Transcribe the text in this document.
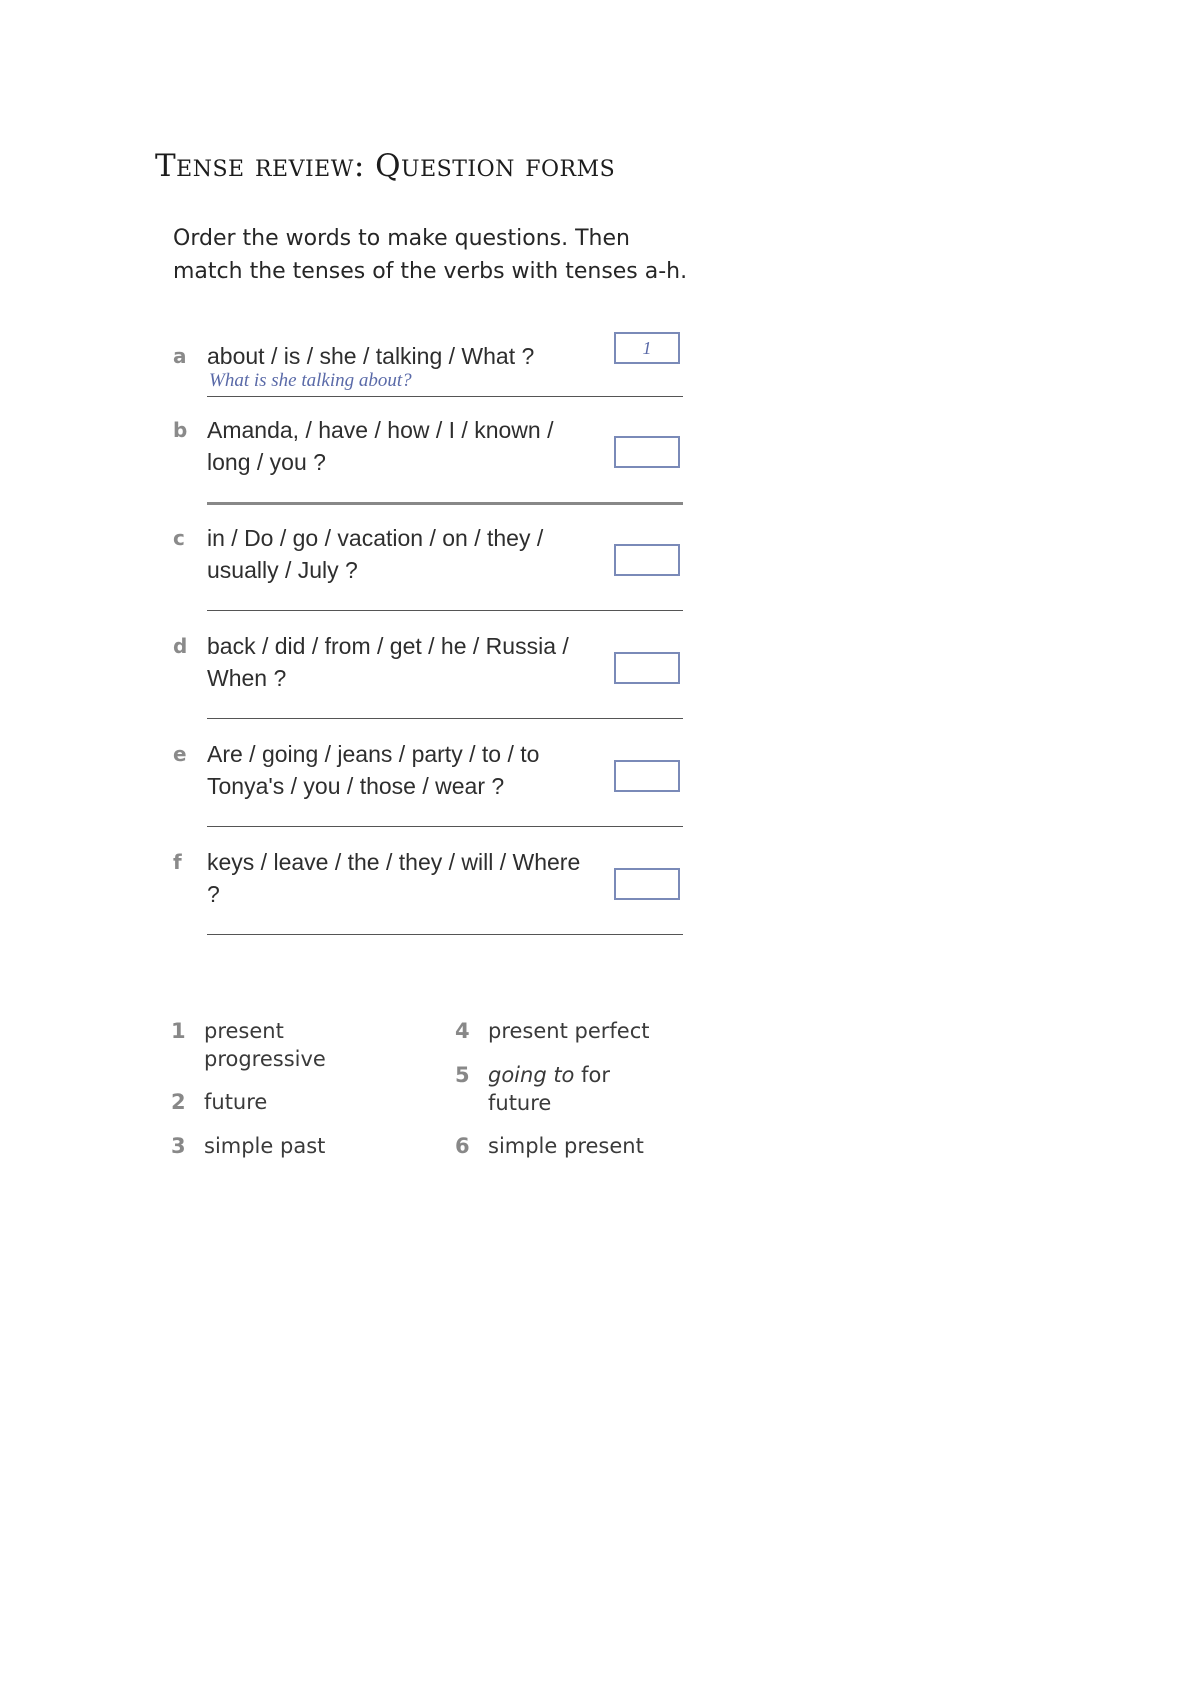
Tense review: Question forms
Order the words to make questions. Then match the tenses of the verbs with tenses a-h.
a about / is / she / talking / What ?
What is she talking about?
1
b Amanda, / have / how / I / known / long / you ?
c in / Do / go / vacation / on / they / usually / July ?
d back / did / from / get / he / Russia / When ?
e Are / going / jeans / party / to / to Tonya's / you / those / wear ?
f keys / leave / the / they / will / Where ?
1 present progressive
2 future
3 simple past
4 present perfect
5 going to for future
6 simple present
